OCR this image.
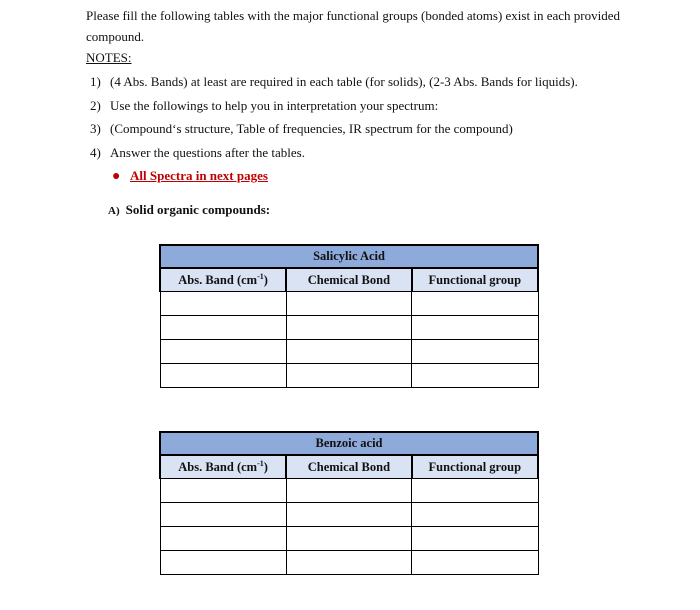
Please fill the following tables with the major functional groups (bonded atoms) exist in each provided compound.
NOTES:
1) (4 Abs. Bands) at least are required in each table (for solids), (2-3 Abs. Bands for liquids).
2) Use the followings to help you in interpretation your spectrum:
3) (Compound‘s structure, Table of frequencies, IR spectrum for the compound)
4) Answer the questions after the tables.
● All Spectra in next pages
A) Solid organic compounds:
Salicylic Acid		
Abs. Band $(cm^{-1})$	Chemical Bond	Functional group

Benzoic acid		
Abs. Band $(cm^{-1})$	Chemical Bond	Functional group
